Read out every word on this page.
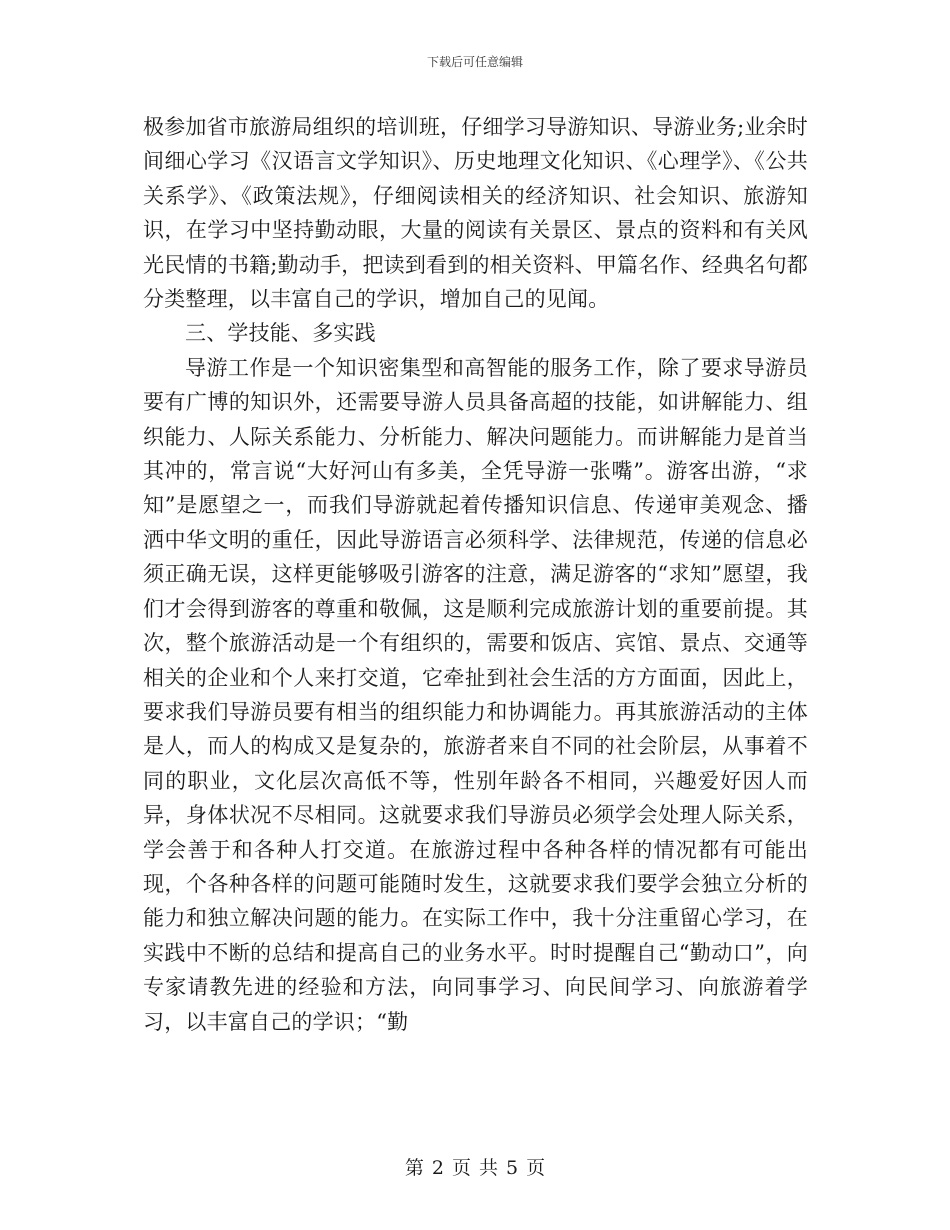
下载后可任意编辑

极参加省市旅游局组织的培训班，仔细学习导游知识、导游业务;业余时间细心学习《汉语言文学知识》、历史地理文化知识、《心理学》、《公共关系学》、《政策法规》，仔细阅读相关的经济知识、社会知识、旅游知识，在学习中坚持勤动眼，大量的阅读有关景区、景点的资料和有关风光民情的书籍;勤动手，把读到看到的相关资料、甲篇名作、经典名句都分类整理，以丰富自己的学识，增加自己的见闻。

三、学技能、多实践

导游工作是一个知识密集型和高智能的服务工作，除了要求导游员要有广博的知识外，还需要导游人员具备高超的技能，如讲解能力、组织能力、人际关系能力、分析能力、解决问题能力。而讲解能力是首当其冲的，常言说“大好河山有多美，全凭导游一张嘴”。游客出游，“求知”是愿望之一，而我们导游就起着传播知识信息、传递审美观念、播洒中华文明的重任，因此导游语言必须科学、法律规范，传递的信息必须正确无误，这样更能够吸引游客的注意，满足游客的“求知”愿望，我们才会得到游客的尊重和敬佩，这是顺利完成旅游计划的重要前提。其次，整个旅游活动是一个有组织的，需要和饭店、宾馆、景点、交通等相关的企业和个人来打交道，它牵扯到社会生活的方方面面，因此上，要求我们导游员要有相当的组织能力和协调能力。再其旅游活动的主体是人，而人的构成又是复杂的，旅游者来自不同的社会阶层，从事着不同的职业，文化层次高低不等，性别年龄各不相同，兴趣爱好因人而异，身体状况不尽相同。这就要求我们导游员必须学会处理人际关系，学会善于和各种人打交道。在旅游过程中各种各样的情况都有可能出现，个各种各样的问题可能随时发生，这就要求我们要学会独立分析的能力和独立解决问题的能力。在实际工作中，我十分注重留心学习，在实践中不断的总结和提高自己的业务水平。时时提醒自己“勤动口”，向专家请教先进的经验和方法，向同事学习、向民间学习、向旅游着学习，以丰富自己的学识；“勤

第 2 页 共 5 页
